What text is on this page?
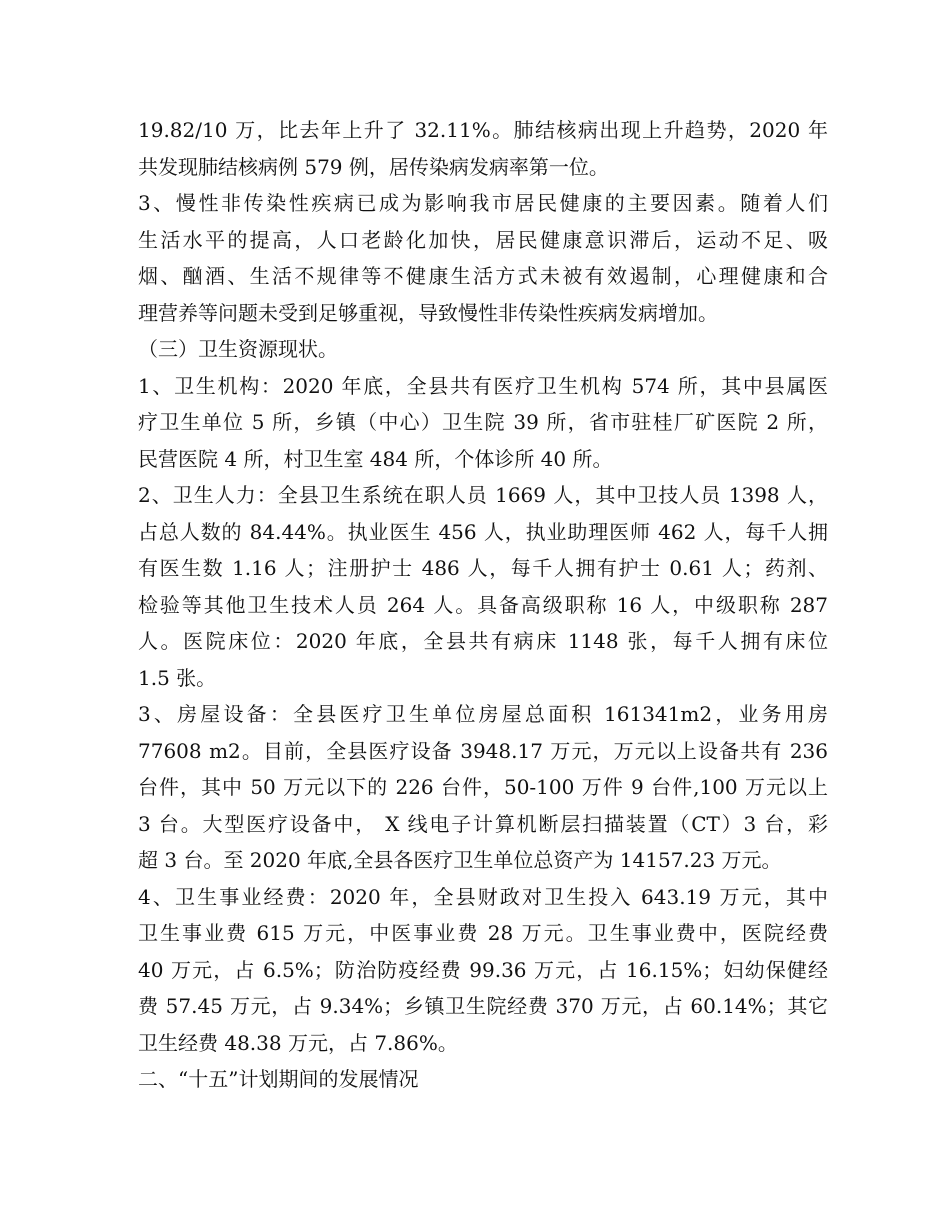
19.82/10 万，比去年上升了 32.11%。肺结核病出现上升趋势，2020 年
共发现肺结核病例 579 例，居传染病发病率第一位。
3、慢性非传染性疾病已成为影响我市居民健康的主要因素。随着人们
生活水平的提高，人口老龄化加快，居民健康意识滞后，运动不足、吸
烟、酗酒、生活不规律等不健康生活方式未被有效遏制，心理健康和合
理营养等问题未受到足够重视，导致慢性非传染性疾病发病增加。
（三）卫生资源现状。
1、卫生机构：2020 年底，全县共有医疗卫生机构 574 所，其中县属医
疗卫生单位 5 所，乡镇（中心）卫生院 39 所，省市驻桂厂矿医院 2 所，
民营医院 4 所，村卫生室 484 所，个体诊所 40 所。
2、卫生人力：全县卫生系统在职人员 1669 人，其中卫技人员 1398 人，
占总人数的 84.44%。执业医生 456 人，执业助理医师 462 人，每千人拥
有医生数 1.16 人；注册护士 486 人，每千人拥有护士 0.61 人；药剂、
检验等其他卫生技术人员 264 人。具备高级职称 16 人，中级职称 287
人。医院床位：2020 年底，全县共有病床 1148 张，每千人拥有床位
1.5 张。
3、房屋设备：全县医疗卫生单位房屋总面积 161341m2，业务用房
77608 m2。目前，全县医疗设备 3948.17 万元，万元以上设备共有 236
台件，其中 50 万元以下的 226 台件，50-100 万件 9 台件,100 万元以上
3 台。大型医疗设备中， X 线电子计算机断层扫描装置（CT）3 台，彩
超 3 台。至 2020 年底,全县各医疗卫生单位总资产为 14157.23 万元。
4、卫生事业经费：2020 年，全县财政对卫生投入 643.19 万元，其中
卫生事业费 615 万元，中医事业费 28 万元。卫生事业费中，医院经费
40 万元，占 6.5%；防治防疫经费 99.36 万元，占 16.15%；妇幼保健经
费 57.45 万元，占 9.34%；乡镇卫生院经费 370 万元，占 60.14%；其它
卫生经费 48.38 万元，占 7.86%。
二、“十五”计划期间的发展情况
